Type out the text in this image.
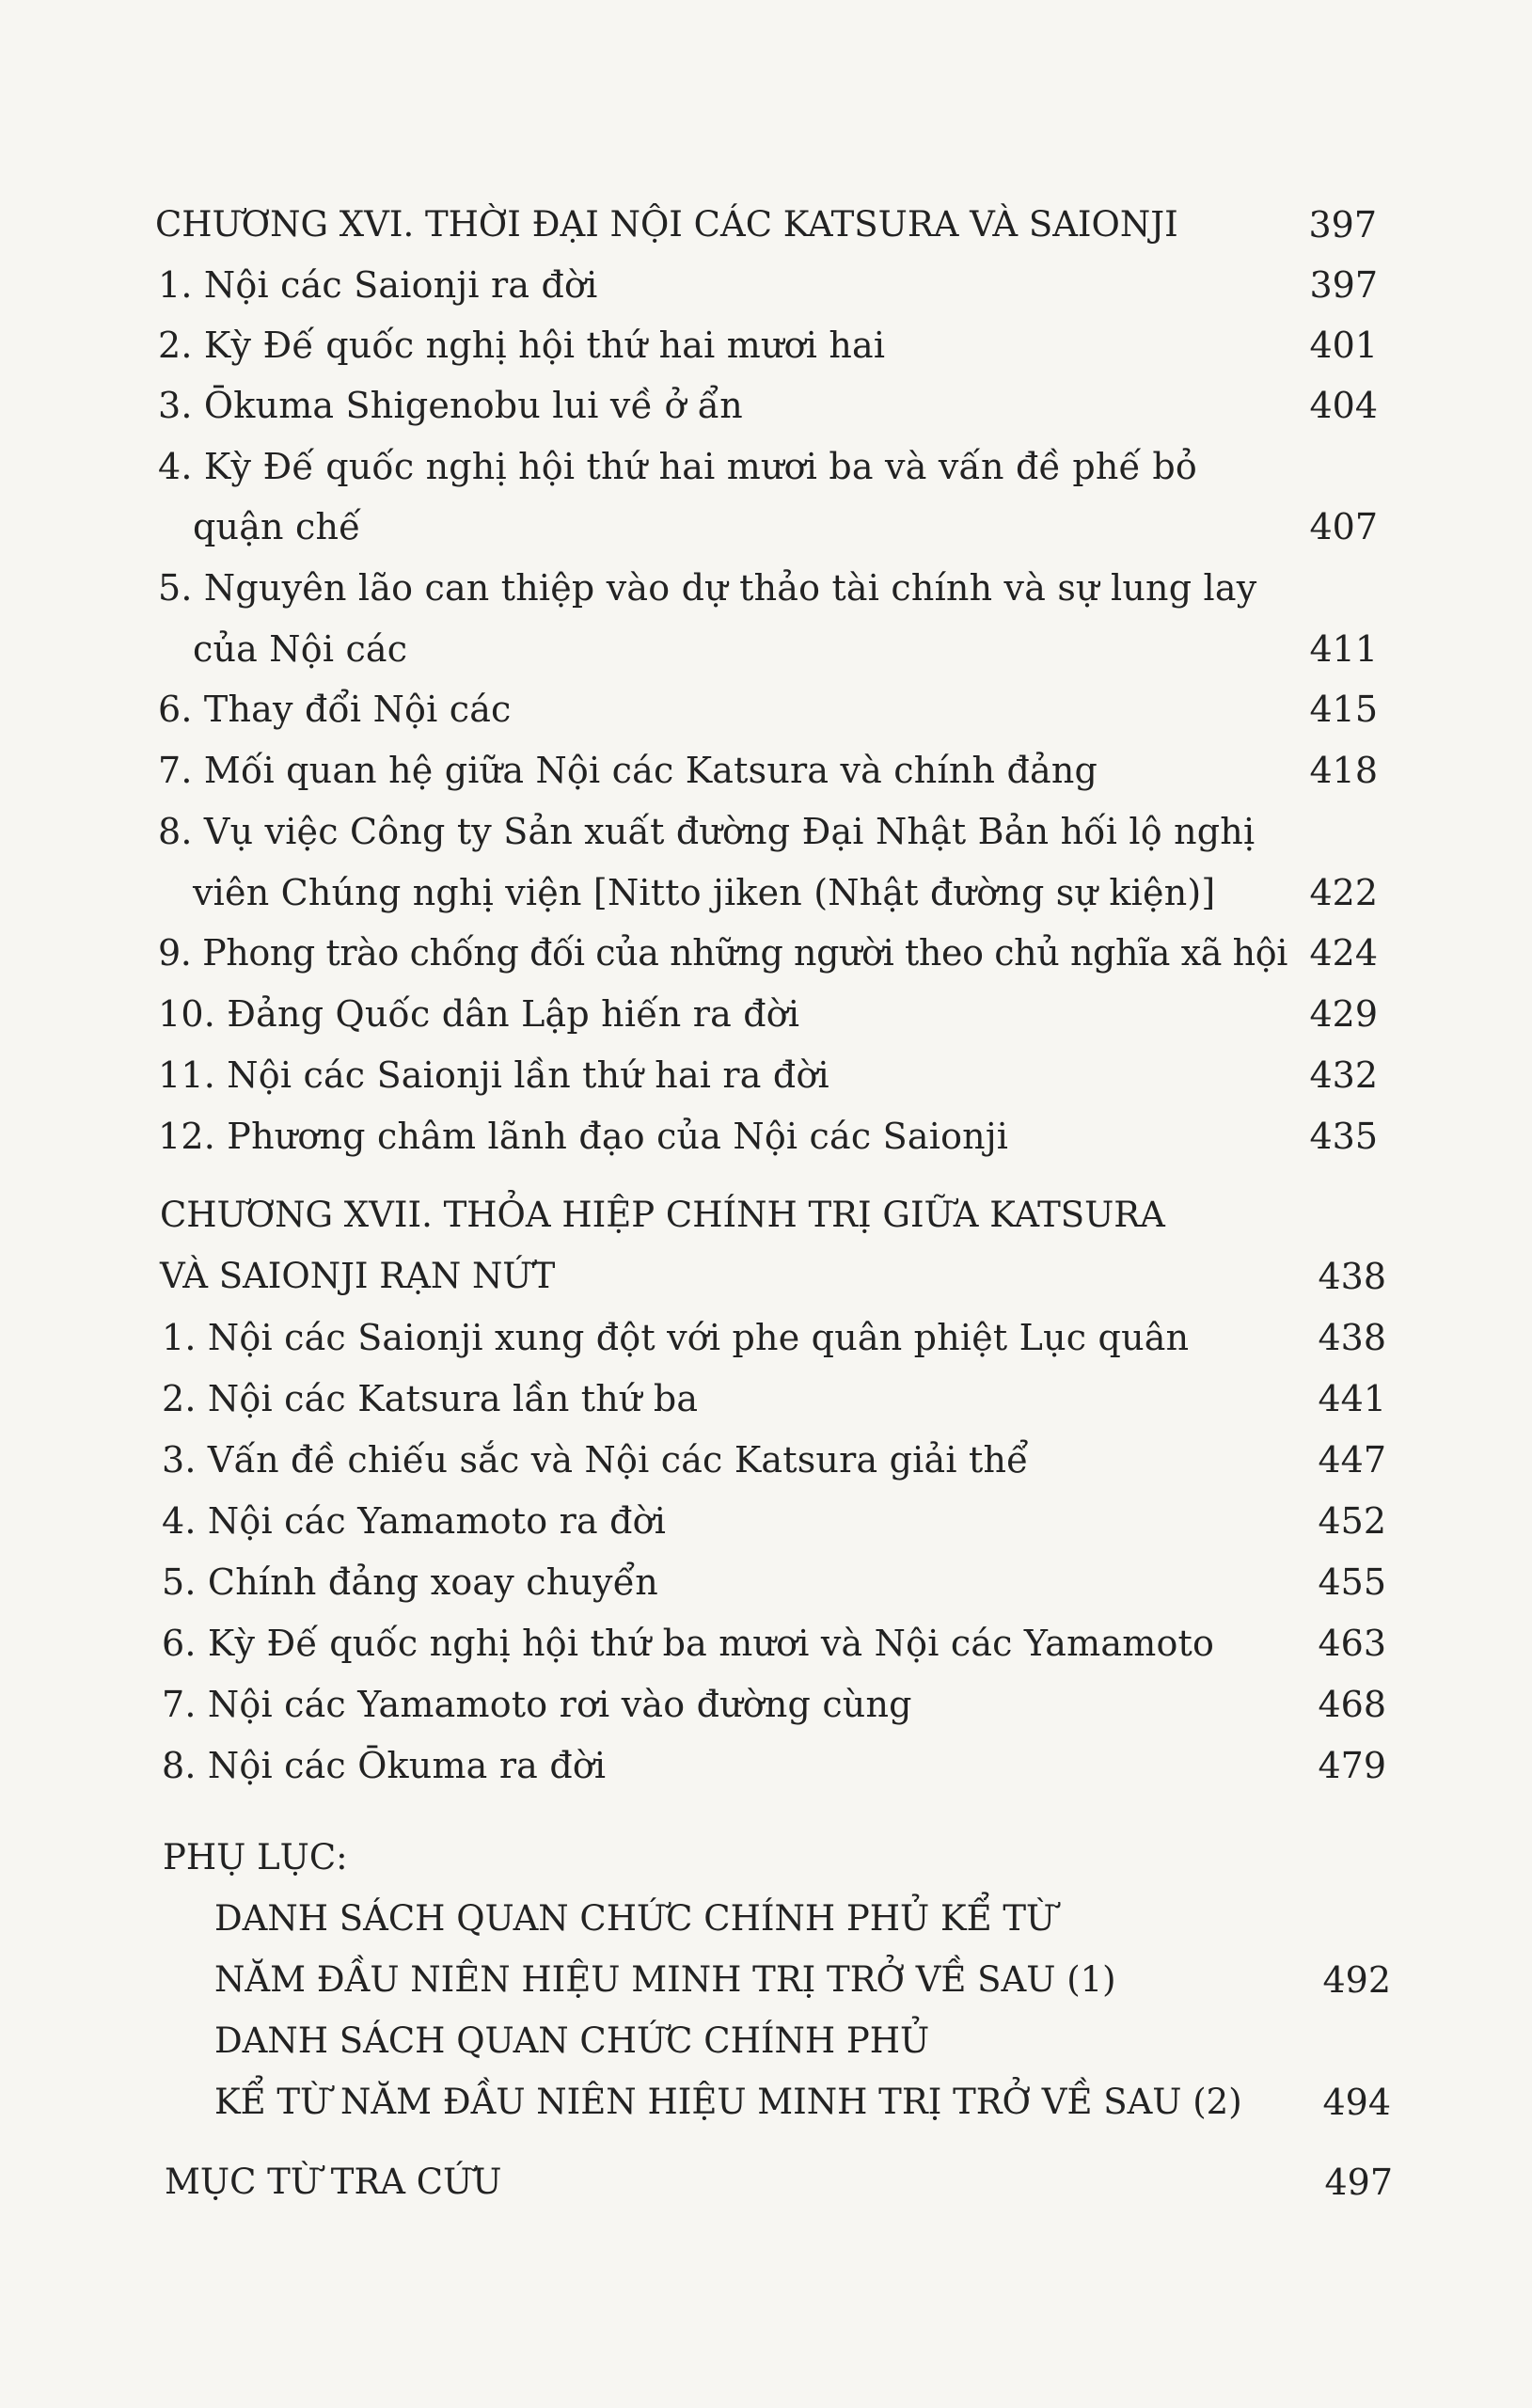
CHƯƠNG XVI. THỜI ĐẠI NỘI CÁC KATSURA VÀ SAIONJI	397
1. Nội các Saionji ra đời	397
2. Kỳ Đế quốc nghị hội thứ hai mươi hai	401
3. Ōkuma Shigenobu lui về ở ẩn	404
4. Kỳ Đế quốc nghị hội thứ hai mươi ba và vấn đề phế bỏ
quận chế	407
5. Nguyên lão can thiệp vào dự thảo tài chính và sự lung lay
của Nội các	411
6. Thay đổi Nội các	415
7. Mối quan hệ giữa Nội các Katsura và chính đảng	418
8. Vụ việc Công ty Sản xuất đường Đại Nhật Bản hối lộ nghị
viên Chúng nghị viện [Nitto jiken (Nhật đường sự kiện)]	422
9. Phong trào chống đối của những người theo chủ nghĩa xã hội 424
10. Đảng Quốc dân Lập hiến ra đời	429
11. Nội các Saionji lần thứ hai ra đời	432
12. Phương châm lãnh đạo của Nội các Saionji	435
CHƯƠNG XVII. THỎA HIỆP CHÍNH TRỊ GIỮA KATSURA
VÀ SAIONJI RẠN NỨT	438
1. Nội các Saionji xung đột với phe quân phiệt Lục quân	438
2. Nội các Katsura lần thứ ba	441
3. Vấn đề chiếu sắc và Nội các Katsura giải thể	447
4. Nội các Yamamoto ra đời	452
5. Chính đảng xoay chuyển	455
6. Kỳ Đế quốc nghị hội thứ ba mươi và Nội các Yamamoto	463
7. Nội các Yamamoto rơi vào đường cùng	468
8. Nội các Ōkuma ra đời	479
PHỤ LỤC:
DANH SÁCH QUAN CHỨC CHÍNH PHỦ KỂ TỪ
NĂM ĐẦU NIÊN HIỆU MINH TRỊ TRỞ VỀ SAU (1)	492
DANH SÁCH QUAN CHỨC CHÍNH PHỦ
KỂ TỪ NĂM ĐẦU NIÊN HIỆU MINH TRỊ TRỞ VỀ SAU (2) 494
MỤC TỪ TRA CỨU	497
